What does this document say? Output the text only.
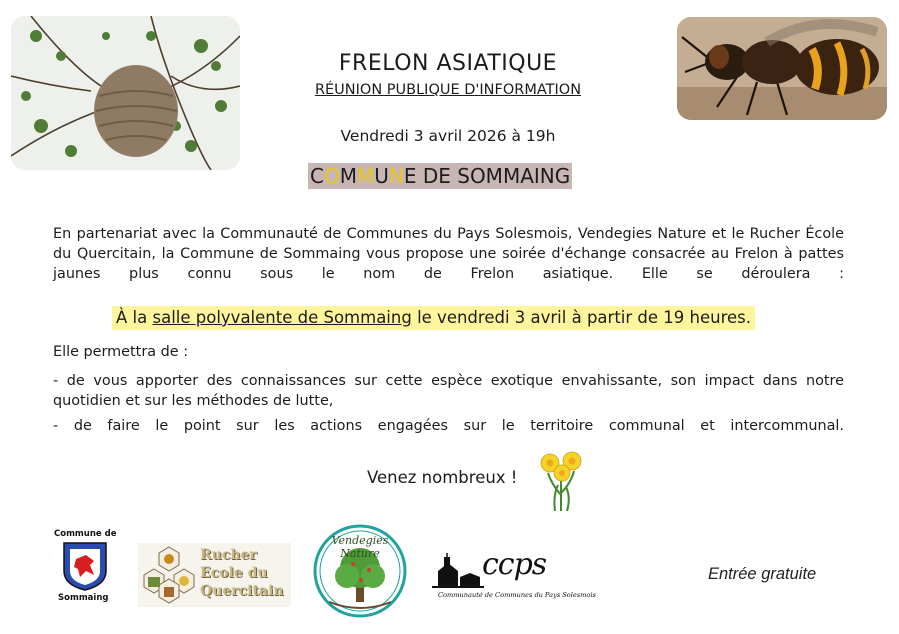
FRELON ASIATIQUE
RÉUNION PUBLIQUE D'INFORMATION
Vendredi 3 avril 2026 à 19h
COMMUNE DE SOMMAING
En partenariat avec la Communauté de Communes du Pays Solesmois, Vendegies Nature et le Rucher École du Quercitain, la Commune de Sommaing vous propose une soirée d'échange consacrée au Frelon à pattes jaunes plus connu sous le nom de Frelon asiatique. Elle se déroulera :
À la salle polyvalente de Sommaing le vendredi 3 avril à partir de 19 heures.
Elle permettra de :
- de vous apporter des connaissances sur cette espèce exotique envahissante, son impact dans notre quotidien et sur les méthodes de lutte,
- de faire le point sur les actions engagées sur le territoire communal et intercommunal.
Venez nombreux !
Commune de
Sommaing
Rucher
Ecole du
Quercitain
Vendegies Nature	ccps
Communauté de Communes du Pays Solesmois
Entrée gratuite
